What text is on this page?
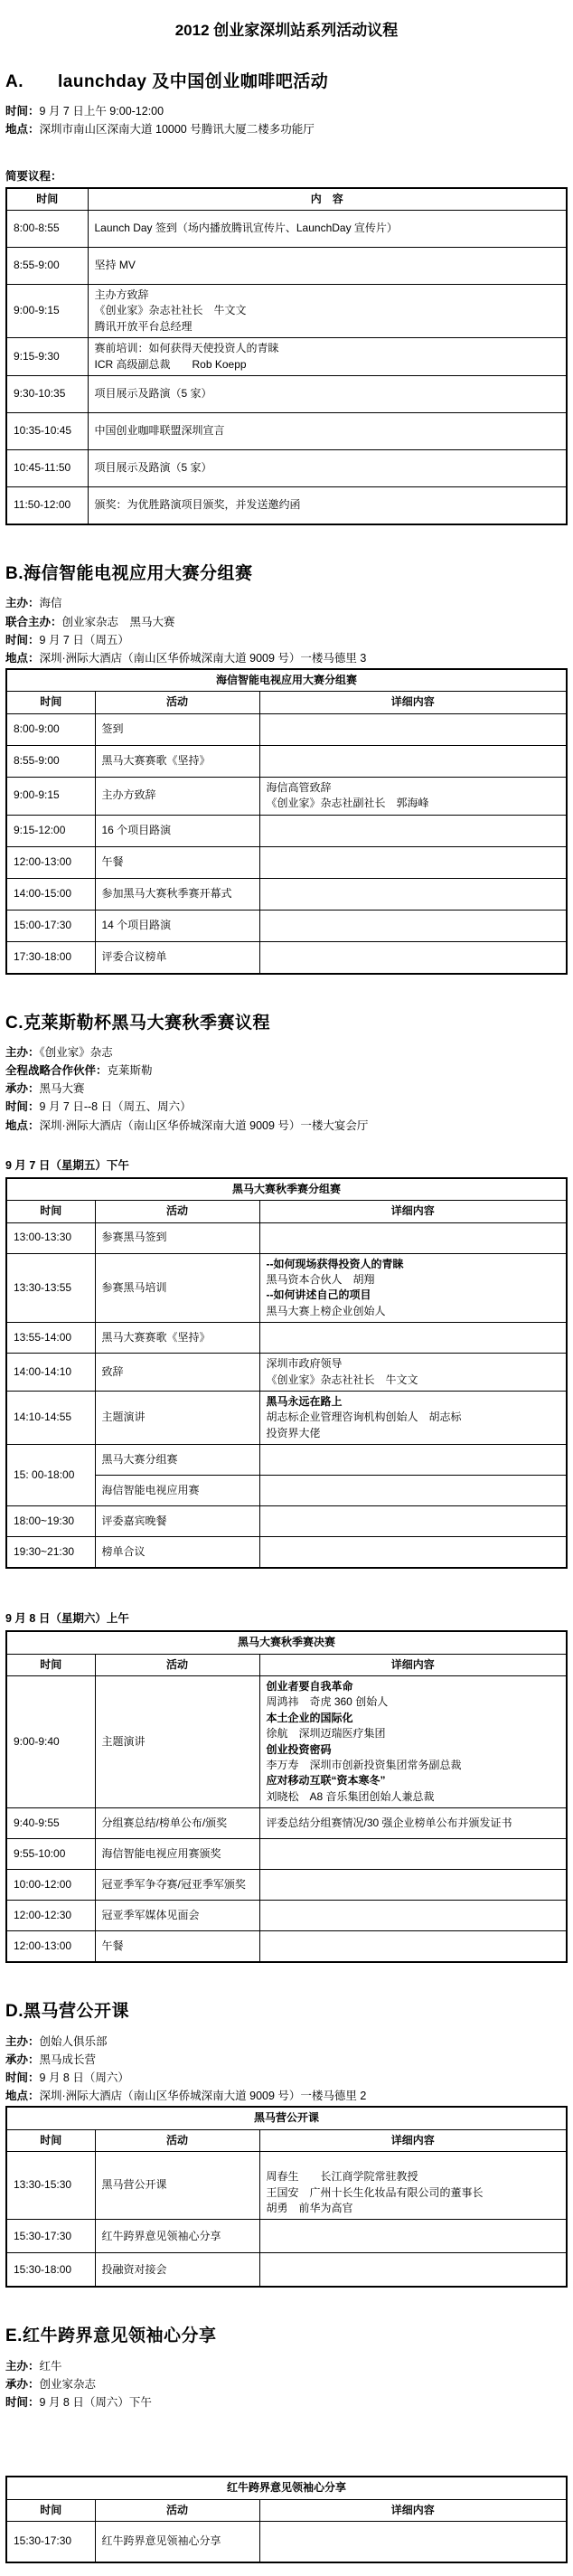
2012 创业家深圳站系列活动议程
A. launchday 及中国创业咖啡吧活动
时间：9 月 7 日上午 9:00-12:00
地点：深圳市南山区深南大道 10000 号腾讯大厦二楼多功能厅
简要议程：
时间	内　容

8:00-8:55	Launch Day 签到（场内播放腾讯宣传片、LaunchDay 宣传片）

8:55-9:00	坚持 MV

9:00-9:15	主办方致辞
《创业家》杂志社社长　牛文文
腾讯开放平台总经理

9:15-9:30	赛前培训：如何获得天使投资人的青睐
ICR 高级副总裁　　Rob Koepp

9:30-10:35	项目展示及路演（5 家）

10:35-10:45	中国创业咖啡联盟深圳宣言

10:45-11:50	项目展示及路演（5 家）

11:50-12:00	颁奖：为优胜路演项目颁奖，并发送邀约函
B.海信智能电视应用大赛分组赛
主办：海信
联合主办：创业家杂志　黑马大赛
时间：9 月 7 日（周五）
地点：深圳·洲际大酒店（南山区华侨城深南大道 9009 号）一楼马德里 3
海信智能电视应用大赛分组赛		
时间	活动	详细内容

8:00-9:00	签到	

8:55-9:00	黑马大赛赛歌《坚持》	

9:00-9:15	主办方致辞	海信高管致辞
《创业家》杂志社副社长　郭海峰

9:15-12:00	16 个项目路演	

12:00-13:00	午餐	

14:00-15:00	参加黑马大赛秋季赛开幕式	

15:00-17:30	14 个项目路演	

17:30-18:00	评委合议榜单	

C.克莱斯勒杯黑马大赛秋季赛议程
主办：《创业家》杂志
全程战略合作伙伴：克莱斯勒
承办：黑马大赛
时间：9 月 7 日--8 日（周五、周六）
地点：深圳·洲际大酒店（南山区华侨城深南大道 9009 号）一楼大宴会厅
9 月 7 日（星期五）下午
黑马大赛秋季赛分组赛		
时间	活动	详细内容

13:00-13:30	参赛黑马签到	

13:30-13:55	参赛黑马培训	--如何现场获得投资人的青睐
黑马资本合伙人　胡翔
--如何讲述自己的项目
黑马大赛上榜企业创始人

13:55-14:00	黑马大赛赛歌《坚持》	

14:00-14:10	致辞	深圳市政府领导
《创业家》杂志社社长　牛文文

14:10-14:55	主题演讲	黑马永远在路上
胡志标企业管理咨询机构创始人　胡志标
投资界大佬

15: 00-18:00	黑马大赛分组赛	

	海信智能电视应用赛	

18:00~19:30	评委嘉宾晚餐	

19:30~21:30	榜单合议	

9 月 8 日（星期六）上午
黑马大赛秋季赛决赛		
时间	活动	详细内容

9:00-9:40	主题演讲

创业者要自我革命
周鸿祎　奇虎 360 创始人
本土企业的国际化
徐航　深圳迈瑞医疗集团
创业投资密码
李万寿　深圳市创新投资集团常务副总裁
应对移动互联“资本寒冬”
刘晓松　A8 音乐集团创始人兼总裁

9:40-9:55	分组赛总结/榜单公布/颁奖	评委总结分组赛情况/30 强企业榜单公布并颁发证书

9:55-10:00	海信智能电视应用赛颁奖	

10:00-12:00	冠亚季军争夺赛/冠亚季军颁奖	

12:00-12:30	冠亚季军媒体见面会	

12:00-13:00	午餐	

D.黑马营公开课
主办：创始人俱乐部
承办：黑马成长营
时间：9 月 8 日（周六）
地点：深圳·洲际大酒店（南山区华侨城深南大道 9009 号）一楼马德里 2
黑马营公开课		
时间	活动	详细内容

13:30-15:30	黑马营公开课	周春生　　长江商学院常驻教授
王国安　广州十长生化妆品有限公司的董事长
胡勇　前华为高官

15:30-17:30	红牛跨界意见领袖心分享	

15:30-18:00	投融资对接会	

E.红牛跨界意见领袖心分享
主办：红牛
承办：创业家杂志
时间：9 月 8 日（周六）下午
红牛跨界意见领袖心分享		
时间	活动	详细内容

15:30-17:30	红牛跨界意见领袖心分享	
